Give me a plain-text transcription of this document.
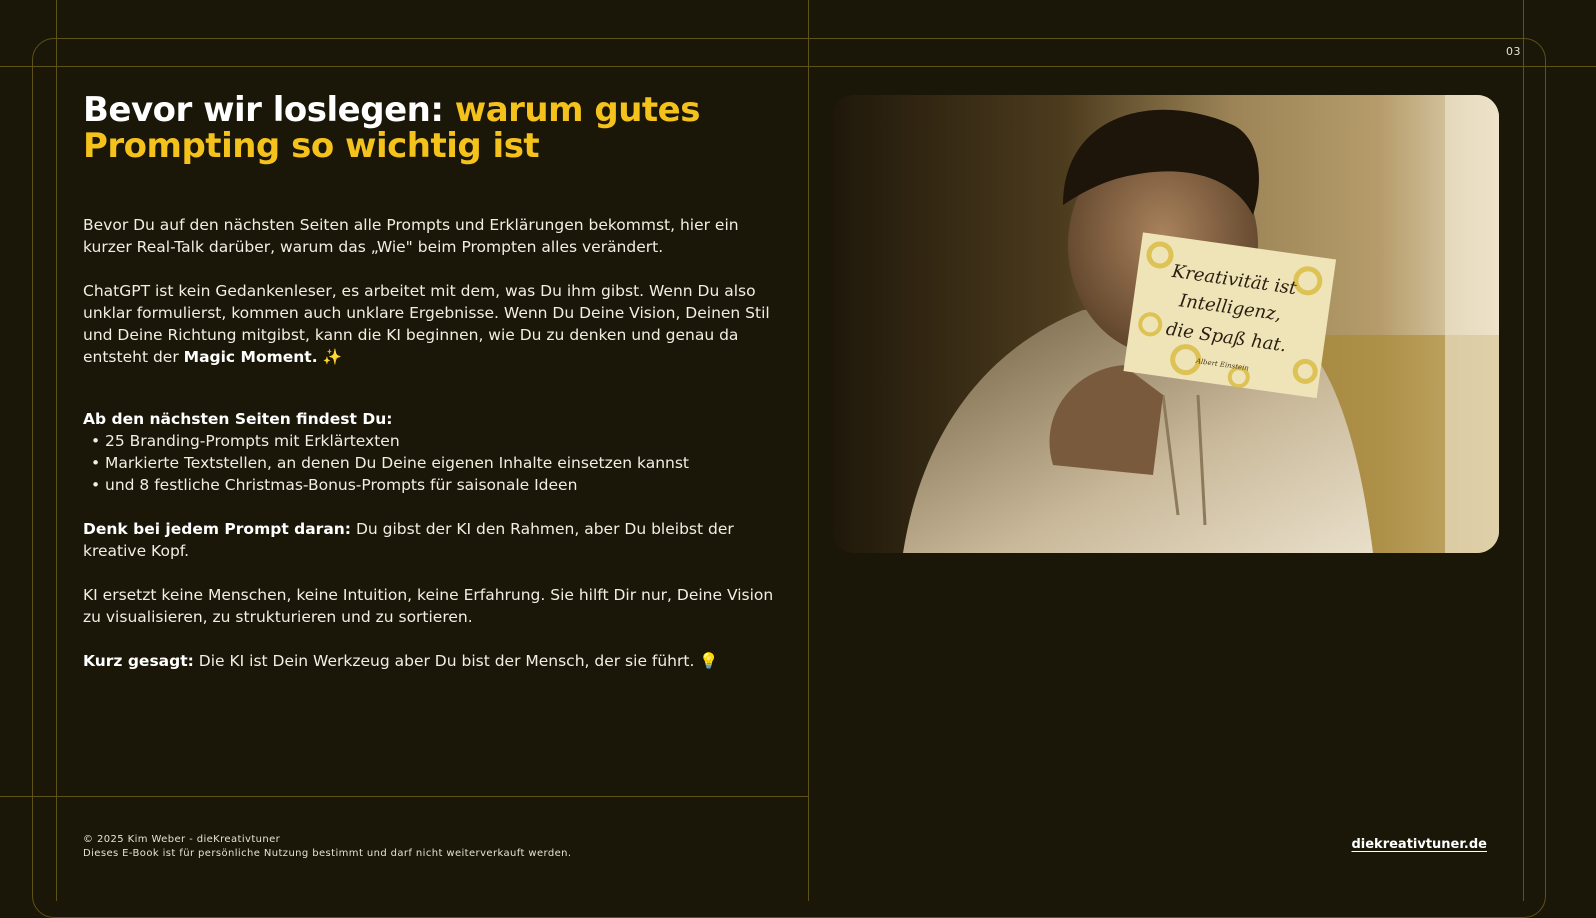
03
Bevor wir loslegen: warum gutes Prompting so wichtig ist

Bevor Du auf den nächsten Seiten alle Prompts und Erklärungen bekommst, hier ein kurzer Real-Talk darüber, warum das „Wie" beim Prompten alles verändert.

ChatGPT ist kein Gedankenleser, es arbeitet mit dem, was Du ihm gibst. Wenn Du also unklar formulierst, kommen auch unklare Ergebnisse. Wenn Du Deine Vision, Deinen Stil und Deine Richtung mitgibst, kann die KI beginnen, wie Du zu denken und genau da entsteht der Magic Moment. ✨

Ab den nächsten Seiten findest Du:

• 25 Branding-Prompts mit Erklärtexten
• Markierte Textstellen, an denen Du Deine eigenen Inhalte einsetzen kannst
• und 8 festliche Christmas-Bonus-Prompts für saisonale Ideen

Denk bei jedem Prompt daran: Du gibst der KI den Rahmen, aber Du bleibst der kreative Kopf.

KI ersetzt keine Menschen, keine Intuition, keine Erfahrung. Sie hilft Dir nur, Deine Vision zu visualisieren, zu strukturieren und zu sortieren.

Kurz gesagt: Die KI ist Dein Werkzeug aber Du bist der Mensch, der sie führt. 💡

Kreativität ist
Intelligenz,
die Spaß hat.
Albert Einstein
© 2025 Kim Weber - dieKreativtuner
Dieses E-Book ist für persönliche Nutzung bestimmt und darf nicht weiterverkauft werden.
diekreativtuner.de
